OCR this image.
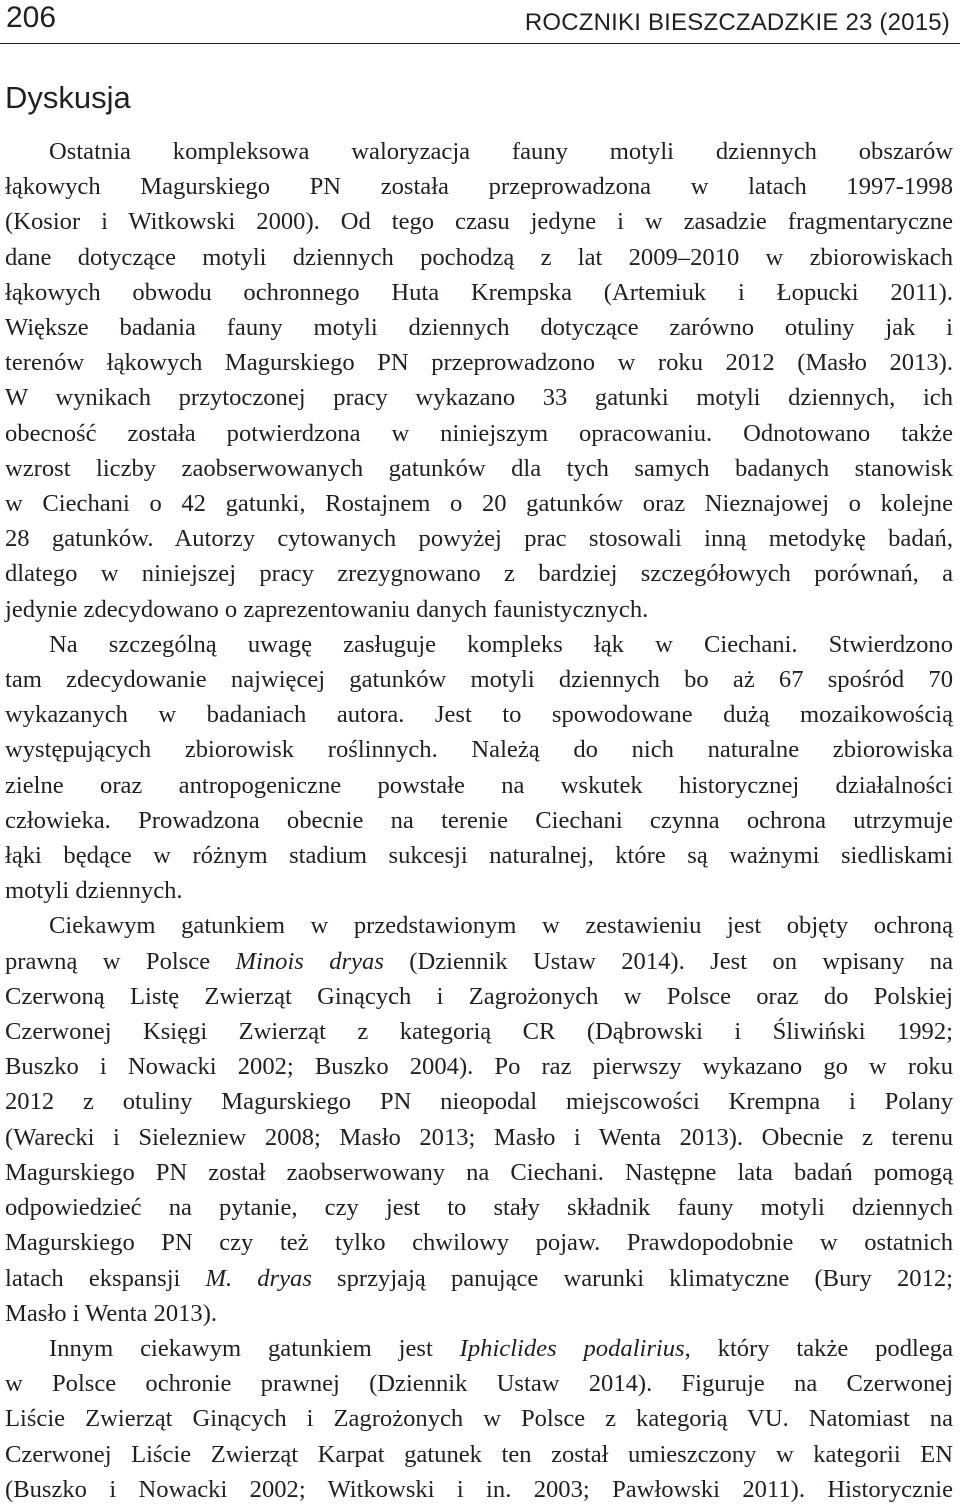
206	ROCZNIKI BIESZCZADZKIE 23 (2015)
Dyskusja

Ostatnia kompleksowa waloryzacja fauny motyli dziennych obszarów
łąkowych Magurskiego PN została przeprowadzona w latach 1997-1998
(Kosior i Witkowski 2000). Od tego czasu jedyne i w zasadzie fragmentaryczne
dane dotyczące motyli dziennych pochodzą z lat 2009–2010 w zbiorowiskach
łąkowych obwodu ochronnego Huta Krempska (Artemiuk i Łopucki 2011).
Większe badania fauny motyli dziennych dotyczące zarówno otuliny jak i
terenów łąkowych Magurskiego PN przeprowadzono w roku 2012 (Masło 2013).
W wynikach przytoczonej pracy wykazano 33 gatunki motyli dziennych, ich
obecność została potwierdzona w niniejszym opracowaniu. Odnotowano także
wzrost liczby zaobserwowanych gatunków dla tych samych badanych stanowisk
w Ciechani o 42 gatunki, Rostajnem o 20 gatunków oraz Nieznajowej o kolejne
28 gatunków. Autorzy cytowanych powyżej prac stosowali inną metodykę badań,
dlatego w niniejszej pracy zrezygnowano z bardziej szczegółowych porównań, a
jedynie zdecydowano o zaprezentowaniu danych faunistycznych.

Na szczególną uwagę zasługuje kompleks łąk w Ciechani. Stwierdzono
tam zdecydowanie najwięcej gatunków motyli dziennych bo aż 67 spośród 70
wykazanych w badaniach autora. Jest to spowodowane dużą mozaikowością
występujących zbiorowisk roślinnych. Należą do nich naturalne zbiorowiska
zielne oraz antropogeniczne powstałe na wskutek historycznej działalności
człowieka. Prowadzona obecnie na terenie Ciechani czynna ochrona utrzymuje
łąki będące w różnym stadium sukcesji naturalnej, które są ważnymi siedliskami
motyli dziennych.

Ciekawym gatunkiem w przedstawionym w zestawieniu jest objęty ochroną
prawną w Polsce Minois dryas (Dziennik Ustaw 2014). Jest on wpisany na
Czerwoną Listę Zwierząt Ginących i Zagrożonych w Polsce oraz do Polskiej
Czerwonej Księgi Zwierząt z kategorią CR (Dąbrowski i Śliwiński 1992;
Buszko i Nowacki 2002; Buszko 2004). Po raz pierwszy wykazano go w roku
2012 z otuliny Magurskiego PN nieopodal miejscowości Krempna i Polany
(Warecki i Sielezniew 2008; Masło 2013; Masło i Wenta 2013). Obecnie z terenu
Magurskiego PN został zaobserwowany na Ciechani. Następne lata badań pomogą
odpowiedzieć na pytanie, czy jest to stały składnik fauny motyli dziennych
Magurskiego PN czy też tylko chwilowy pojaw. Prawdopodobnie w ostatnich
latach ekspansji M. dryas sprzyjają panujące warunki klimatyczne (Bury 2012;
Masło i Wenta 2013).

Innym ciekawym gatunkiem jest Iphiclides podalirius, który także podlega
w Polsce ochronie prawnej (Dziennik Ustaw 2014). Figuruje na Czerwonej
Liście Zwierząt Ginących i Zagrożonych w Polsce z kategorią VU. Natomiast na
Czerwonej Liście Zwierząt Karpat gatunek ten został umieszczony w kategorii EN
(Buszko i Nowacki 2002; Witkowski i in. 2003; Pawłowski 2011). Historycznie
